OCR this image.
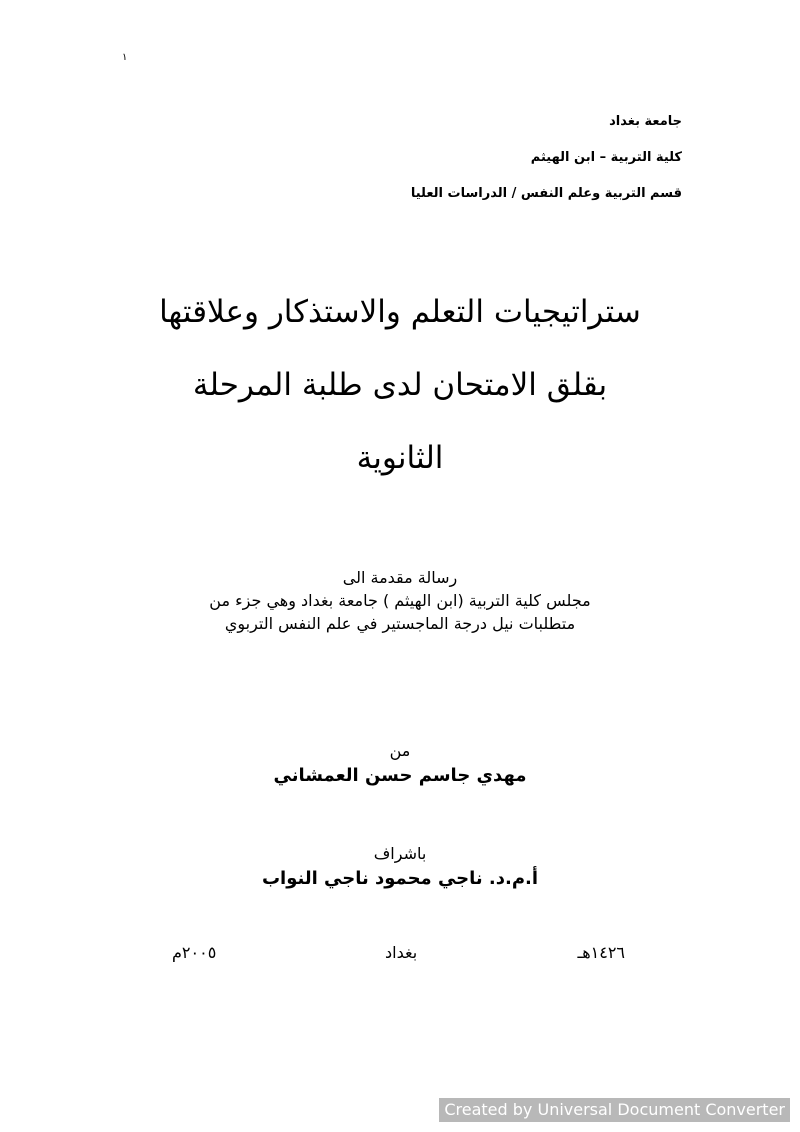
١
جامعة بغداد
كلية التربية – ابن الهيثم
قسم التربية وعلم النفس / الدراسات العليا
ستراتيجيات التعلم والاستذكار وعلاقتها
بقلق الامتحان لدى طلبة المرحلة
الثانوية
رسالة مقدمة الى
مجلس كلية التربية (ابن الهيثم ) جامعة بغداد وهي جزء من
متطلبات نيل درجة الماجستير في علم النفس التربوي
من
مهدي جاسم حسن العمشاني
باشراف
أ.م.د. ناجي محمود ناجي النواب
١٤٢٦هـ
بغداد
٢٠٠٥م
Created by Universal Document Converter
